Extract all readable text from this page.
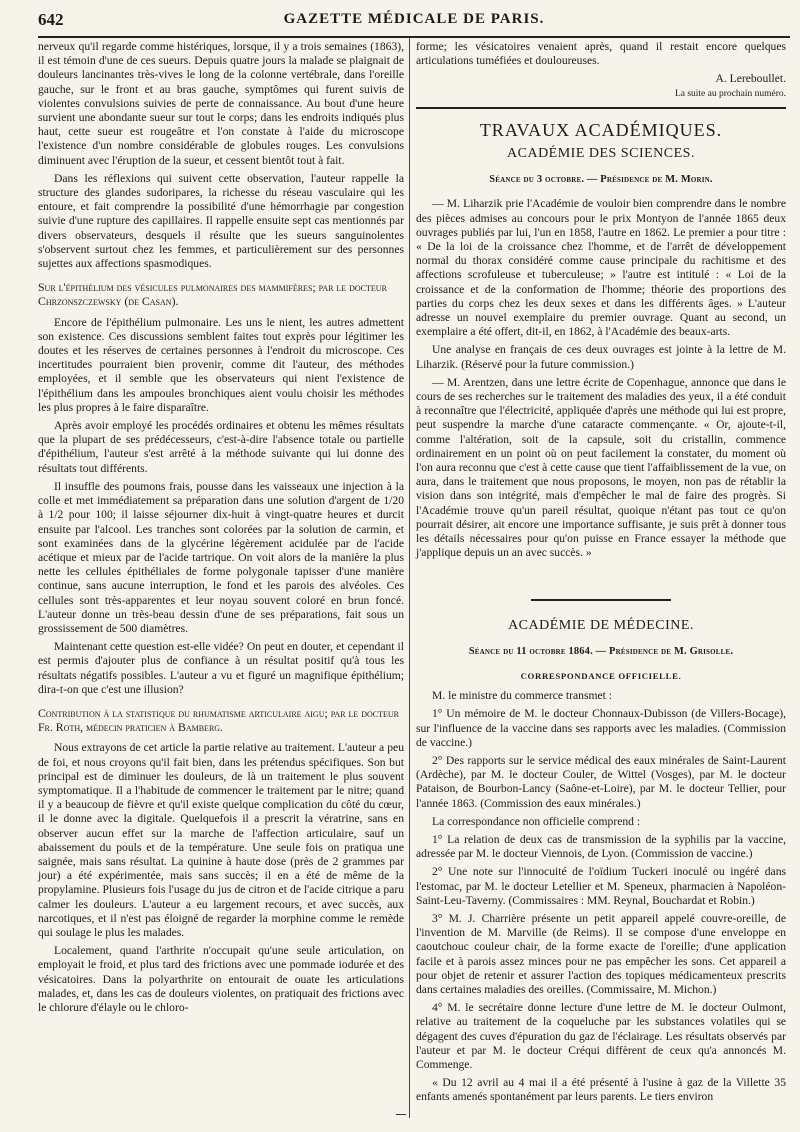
642	GAZETTE MÉDICALE DE PARIS.

nerveux qu'il regarde comme histériques, lorsque, il y a trois semaines (1863), il est témoin d'une de ces sueurs. Depuis quatre jours la malade se plaignait de douleurs lancinantes très-vives le long de la colonne vertébrale, dans l'oreille gauche, sur le front et au bras gauche, symptômes qui furent suivis de violentes convulsions suivies de perte de connaissance. Au bout d'une heure survient une abondante sueur sur tout le corps; dans les endroits indiqués plus haut, cette sueur est rougeâtre et l'on constate à l'aide du microscope l'existence d'un nombre considérable de globules rouges. Les convulsions diminuent avec l'éruption de la sueur, et cessent bientôt tout à fait.

Dans les réflexions qui suivent cette observation, l'auteur rappelle la structure des glandes sudoripares, la richesse du réseau vasculaire qui les entoure, et fait comprendre la possibilité d'une hémorrhagie par congestion suivie d'une rupture des capillaires. Il rappelle ensuite sept cas mentionnés par divers observateurs, desquels il résulte que les sueurs sanguinolentes s'observent surtout chez les femmes, et particulièrement sur des personnes sujettes aux affections spasmodiques.

Sur l'épithélium des vésicules pulmonaires des mammifères; par le docteur Chrzonszczewsky (de Casan).

Encore de l'épithélium pulmonaire. Les uns le nient, les autres admettent son existence. Ces discussions semblent faites tout exprès pour légitimer les doutes et les réserves de certaines personnes à l'endroit du microscope. Ces incertitudes pourraient bien provenir, comme dit l'auteur, des méthodes employées, et il semble que les observateurs qui nient l'existence de l'épithélium dans les ampoules bronchiques aient voulu choisir les méthodes les plus propres à le faire disparaître.

Après avoir employé les procédés ordinaires et obtenu les mêmes résultats que la plupart de ses prédécesseurs, c'est-à-dire l'absence totale ou partielle d'épithélium, l'auteur s'est arrêté à la méthode suivante qui lui donne des résultats tout différents.

Il insuffle des poumons frais, pousse dans les vaisseaux une injection à la colle et met immédiatement sa préparation dans une solution d'argent de 1/20 à 1/2 pour 100; il laisse séjourner dix-huit à vingt-quatre heures et durcit ensuite par l'alcool. Les tranches sont colorées par la solution de carmin, et sont examinées dans de la glycérine légèrement acidulée par de l'acide acétique et mieux par de l'acide tartrique. On voit alors de la manière la plus nette les cellules épithéliales de forme polygonale tapisser d'une manière continue, sans aucune interruption, le fond et les parois des alvéoles. Ces cellules sont très-apparentes et leur noyau souvent coloré en brun foncé. L'auteur donne un très-beau dessin d'une de ses préparations, fait sous un grossissement de 500 diamètres.

Maintenant cette question est-elle vidée? On peut en douter, et cependant il est permis d'ajouter plus de confiance à un résultat positif qu'à tous les résultats négatifs possibles. L'auteur a vu et figuré un magnifique épithélium; dira-t-on que c'est une illusion?

Contribution à la statistique du rhumatisme articulaire aigu; par le docteur Fr. Roth, médecin praticien à Bamberg.

Nous extrayons de cet article la partie relative au traitement. L'auteur a peu de foi, et nous croyons qu'il fait bien, dans les prétendus spécifiques. Son but principal est de diminuer les douleurs, de là un traitement le plus souvent symptomatique. Il a l'habitude de commencer le traitement par le nitre; quand il y a beaucoup de fièvre et qu'il existe quelque complication du côté du cœur, il le donne avec la digitale. Quelquefois il a prescrit la vératrine, sans en observer aucun effet sur la marche de l'affection articulaire, sauf un abaissement du pouls et de la température. Une seule fois on pratiqua une saignée, mais sans résultat. La quinine à haute dose (près de 2 grammes par jour) a été expérimentée, mais sans succès; il en a été de même de la propylamine. Plusieurs fois l'usage du jus de citron et de l'acide citrique a paru calmer les douleurs. L'auteur a eu largement recours, et avec succès, aux narcotiques, et il n'est pas éloigné de regarder la morphine comme le remède qui soulage le plus les malades.

Localement, quand l'arthrite n'occupait qu'une seule articulation, on employait le froid, et plus tard des frictions avec une pommade iodurée et des vésicatoires. Dans la polyarthrite on entourait de ouate les articulations malades, et, dans les cas de douleurs violentes, on pratiquait des frictions avec le chlorure d'élayle ou le chloro-

forme; les vésicatoires venaient après, quand il restait encore quelques articulations tuméfiées et douloureuses.

A. Lereboullet.
La suite au prochain numéro.
TRAVAUX ACADÉMIQUES.
ACADÉMIE DES SCIENCES.
Séance du 3 octobre. — Présidence de M. Morin.

— M. Liharzik prie l'Académie de vouloir bien comprendre dans le nombre des pièces admises au concours pour le prix Montyon de l'année 1865 deux ouvrages publiés par lui, l'un en 1858, l'autre en 1862. Le premier a pour titre : « De la loi de la croissance chez l'homme, et de l'arrêt de développement normal du thorax considéré comme cause principale du rachitisme et des affections scrofuleuse et tuberculeuse; » l'autre est intitulé : « Loi de la croissance et de la conformation de l'homme; théorie des proportions des parties du corps chez les deux sexes et dans les différents âges. » L'auteur adresse un nouvel exemplaire du premier ouvrage. Quant au second, un exemplaire a été offert, dit-il, en 1862, à l'Académie des beaux-arts.

Une analyse en français de ces deux ouvrages est jointe à la lettre de M. Liharzik. (Réservé pour la future commission.)

— M. Arentzen, dans une lettre écrite de Copenhague, annonce que dans le cours de ses recherches sur le traitement des maladies des yeux, il a été conduit à reconnaître que l'électricité, appliquée d'après une méthode qui lui est propre, peut suspendre la marche d'une cataracte commençante. « Or, ajoute-t-il, comme l'altération, soit de la capsule, soit du cristallin, commence ordinairement en un point où on peut facilement la constater, du moment où l'on aura reconnu que c'est à cette cause que tient l'affaiblissement de la vue, on aura, dans le traitement que nous proposons, le moyen, non pas de rétablir la vision dans son intégrité, mais d'empêcher le mal de faire des progrès. Si l'Académie trouve qu'un pareil résultat, quoique n'étant pas tout ce qu'on pourrait désirer, ait encore une importance suffisante, je suis prêt à donner tous les détails nécessaires pour qu'on puisse en France essayer la méthode que j'applique depuis un an avec succès. »

ACADÉMIE DE MÉDECINE.
Séance du 11 octobre 1864. — Présidence de M. Grisolle.
CORRESPONDANCE OFFICIELLE.

M. le ministre du commerce transmet :

1° Un mémoire de M. le docteur Chonnaux-Dubisson (de Villers-Bocage), sur l'influence de la vaccine dans ses rapports avec les maladies. (Commission de vaccine.)

2° Des rapports sur le service médical des eaux minérales de Saint-Laurent (Ardèche), par M. le docteur Couler, de Wittel (Vosges), par M. le docteur Pataison, de Bourbon-Lancy (Saône-et-Loire), par M. le docteur Tellier, pour l'année 1863. (Commission des eaux minérales.)

La correspondance non officielle comprend :

1° La relation de deux cas de transmission de la syphilis par la vaccine, adressée par M. le docteur Viennois, de Lyon. (Commission de vaccine.)

2° Une note sur l'innocuité de l'oïdium Tuckeri inoculé ou ingéré dans l'estomac, par M. le docteur Letellier et M. Speneux, pharmacien à Napoléon-Saint-Leu-Taverny. (Commissaires : MM. Reynal, Bouchardat et Robin.)

3° M. J. Charrière présente un petit appareil appelé couvre-oreille, de l'invention de M. Marville (de Reims). Il se compose d'une enveloppe en caoutchouc couleur chair, de la forme exacte de l'oreille; d'une application facile et à parois assez minces pour ne pas empêcher les sons. Cet appareil a pour objet de retenir et assurer l'action des topiques médicamenteux prescrits dans certaines maladies des oreilles. (Commissaire, M. Michon.)

4° M. le secrétaire donne lecture d'une lettre de M. le docteur Oulmont, relative au traitement de la coqueluche par les substances volatiles qui se dégagent des cuves d'épuration du gaz de l'éclairage. Les résultats observés par l'auteur et par M. le docteur Créqui diffèrent de ceux qu'a annoncés M. Commenge.

« Du 12 avril au 4 mai il a été présenté à l'usine à gaz de la Villette 35 enfants amenés spontanément par leurs parents. Le tiers environ
